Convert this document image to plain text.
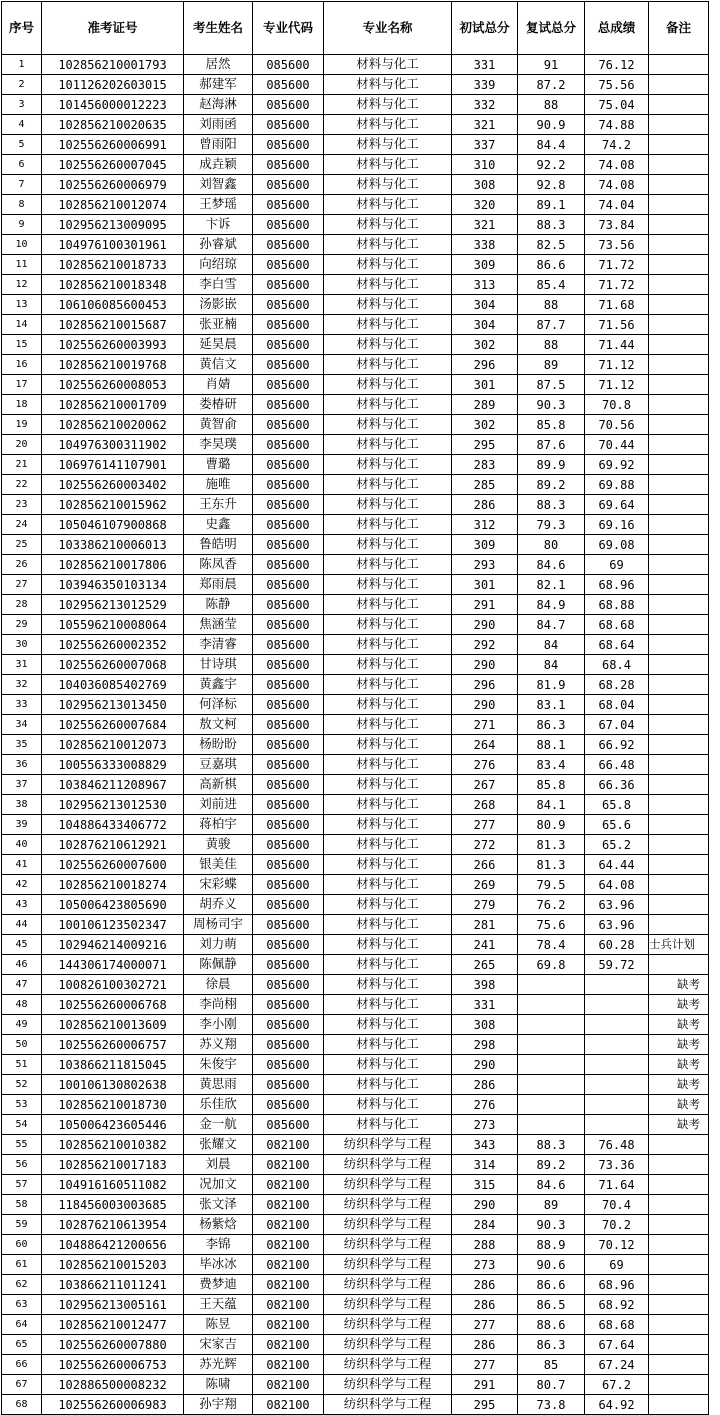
序号	准考证号	考生姓名	专业代码	专业名称	初试总分	复试总分	总成绩	备注
1	102856210001793	居然	085600	材料与化工	331	91	76.12	
2	101126202603015	郝建军	085600	材料与化工	339	87.2	75.56	
3	101456000012223	赵海淋	085600	材料与化工	332	88	75.04	
4	102856210020635	刘雨函	085600	材料与化工	321	90.9	74.88	
5	102556260006991	曾雨阳	085600	材料与化工	337	84.4	74.2	
6	102556260007045	成垚颖	085600	材料与化工	310	92.2	74.08	
7	102556260006979	刘智鑫	085600	材料与化工	308	92.8	74.08	
8	102856210012074	王梦瑶	085600	材料与化工	320	89.1	74.04	
9	102956213009095	卞诉	085600	材料与化工	321	88.3	73.84	
10	104976100301961	孙睿斌	085600	材料与化工	338	82.5	73.56	
11	102856210018733	向绍琼	085600	材料与化工	309	86.6	71.72	
12	102856210018348	李白雪	085600	材料与化工	313	85.4	71.72	
13	106106085600453	汤影嵌	085600	材料与化工	304	88	71.68	
14	102856210015687	张亚楠	085600	材料与化工	304	87.7	71.56	
15	102556260003993	延昊晨	085600	材料与化工	302	88	71.44	
16	102856210019768	黄信文	085600	材料与化工	296	89	71.12	
17	102556260008053	肖婧	085600	材料与化工	301	87.5	71.12	
18	102856210001709	娄椿研	085600	材料与化工	289	90.3	70.8	
19	102856210020062	黄智俞	085600	材料与化工	302	85.8	70.56	
20	104976300311902	李昊璞	085600	材料与化工	295	87.6	70.44	
21	106976141107901	曹璐	085600	材料与化工	283	89.9	69.92	
22	102556260003402	施唯	085600	材料与化工	285	89.2	69.88	
23	102856210015962	王东升	085600	材料与化工	286	88.3	69.64	
24	105046107900868	史鑫	085600	材料与化工	312	79.3	69.16	
25	103386210006013	鲁皓明	085600	材料与化工	309	80	69.08	
26	102856210017806	陈凤香	085600	材料与化工	293	84.6	69	
27	103946350103134	郑雨晨	085600	材料与化工	301	82.1	68.96	
28	102956213012529	陈静	085600	材料与化工	291	84.9	68.88	
29	105596210008064	焦涵莹	085600	材料与化工	290	84.7	68.68	
30	102556260002352	李清睿	085600	材料与化工	292	84	68.64	
31	102556260007068	甘诗琪	085600	材料与化工	290	84	68.4	
32	104036085402769	黄鑫宇	085600	材料与化工	296	81.9	68.28	
33	102956213013450	何泽标	085600	材料与化工	290	83.1	68.04	
34	102556260007684	敖文柯	085600	材料与化工	271	86.3	67.04	
35	102856210012073	杨盼盼	085600	材料与化工	264	88.1	66.92	
36	100556333008829	豆嘉琪	085600	材料与化工	276	83.4	66.48	
37	103846211208967	高新棋	085600	材料与化工	267	85.8	66.36	
38	102956213012530	刘前进	085600	材料与化工	268	84.1	65.8	
39	104886433406772	蒋柏宇	085600	材料与化工	277	80.9	65.6	
40	102876210612921	黄骏	085600	材料与化工	272	81.3	65.2	
41	102556260007600	银美佳	085600	材料与化工	266	81.3	64.44	
42	102856210018274	宋彩蝶	085600	材料与化工	269	79.5	64.08	
43	105006423805690	胡乔义	085600	材料与化工	279	76.2	63.96	
44	100106123502347	周杨司宇	085600	材料与化工	281	75.6	63.96	
45	102946214009216	刘力萌	085600	材料与化工	241	78.4	60.28	士兵计划
46	144306174000071	陈佩静	085600	材料与化工	265	69.8	59.72	
47	100826100302721	徐晨	085600	材料与化工	398			缺考
48	102556260006768	李尚栩	085600	材料与化工	331			缺考
49	102856210013609	李小刚	085600	材料与化工	308			缺考
50	102556260006757	苏义翔	085600	材料与化工	298			缺考
51	103866211815045	朱俊宇	085600	材料与化工	290			缺考
52	100106130802638	黄思雨	085600	材料与化工	286			缺考
53	102856210018730	乐佳欣	085600	材料与化工	276			缺考
54	105006423605446	金一航	085600	材料与化工	273			缺考
55	102856210010382	张耀文	082100	纺织科学与工程	343	88.3	76.48	
56	102856210017183	刘晨	082100	纺织科学与工程	314	89.2	73.36	
57	104916160511082	况加文	082100	纺织科学与工程	315	84.6	71.64	
58	118456003003685	张文泽	082100	纺织科学与工程	290	89	70.4	
59	102876210613954	杨紫焓	082100	纺织科学与工程	284	90.3	70.2	
60	104886421200656	李锦	082100	纺织科学与工程	288	88.9	70.12	
61	102856210015203	毕冰冰	082100	纺织科学与工程	273	90.6	69	
62	103866211011241	费梦迪	082100	纺织科学与工程	286	86.6	68.96	
63	102956213005161	王天蕴	082100	纺织科学与工程	286	86.5	68.92	
64	102856210012477	陈昱	082100	纺织科学与工程	277	88.6	68.68	
65	102556260007880	宋家吉	082100	纺织科学与工程	286	86.3	67.64	
66	102556260006753	苏光辉	082100	纺织科学与工程	277	85	67.24	
67	102886500008232	陈啸	082100	纺织科学与工程	291	80.7	67.2	
68	102556260006983	孙宇翔	082100	纺织科学与工程	295	73.8	64.92	
